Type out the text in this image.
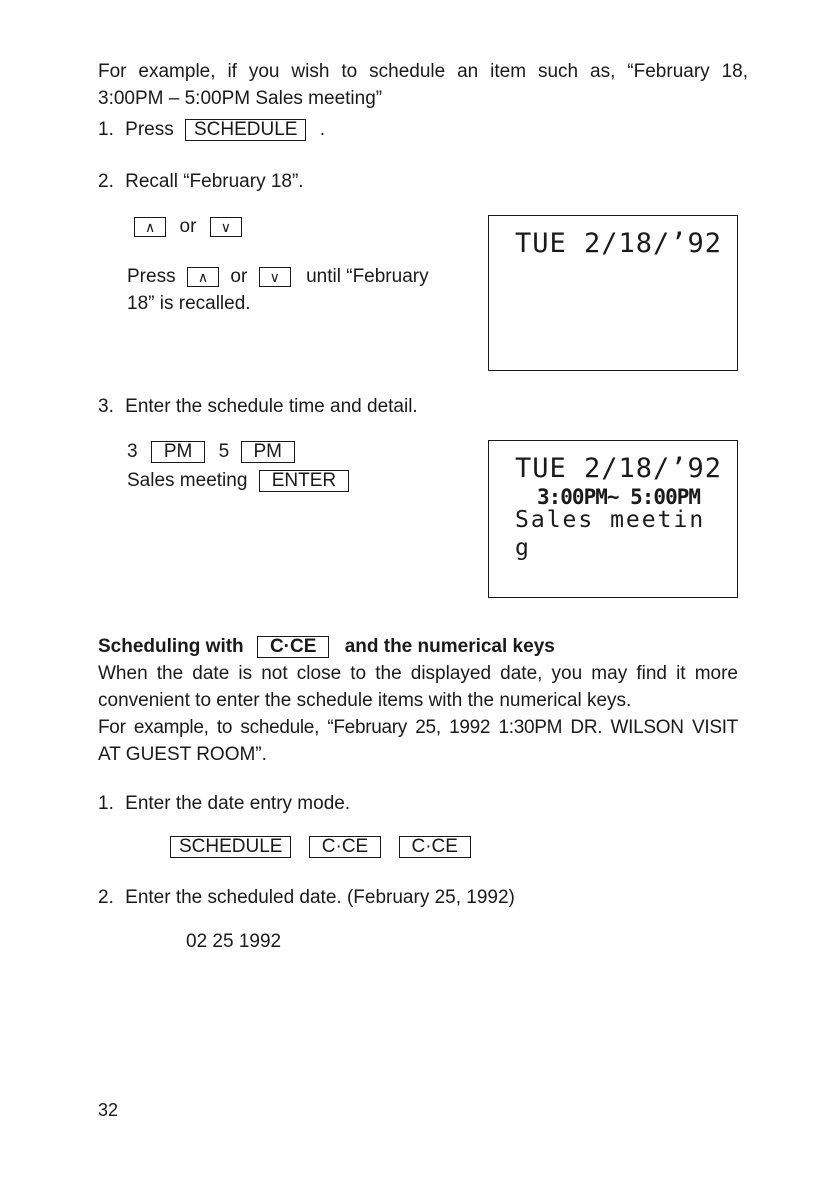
For example, if you wish to schedule an item such as, “February 18,
3:00PM – 5:00PM Sales meeting”
1. Press SCHEDULE .
2. Recall “February 18”.
∧ or ∨
Press ∧ or ∨ until “February
18” is recalled.
TUE 2/18/’92
3. Enter the schedule time and detail.
3 PM 5 PM
Sales meeting ENTER	TUE 2/18/’92
3:00PM~ 5:00PM
Sales meetin
g
Scheduling with C·CE and the numerical keys
When the date is not close to the displayed date, you may find it more
convenient to enter the schedule items with the numerical keys.
For example, to schedule, “February 25, 1992 1:30PM DR. WILSON VISIT
AT GUEST ROOM”.
1. Enter the date entry mode.
SCHEDULE C·CE C·CE
2. Enter the scheduled date. (February 25, 1992)
02 25 1992
32
